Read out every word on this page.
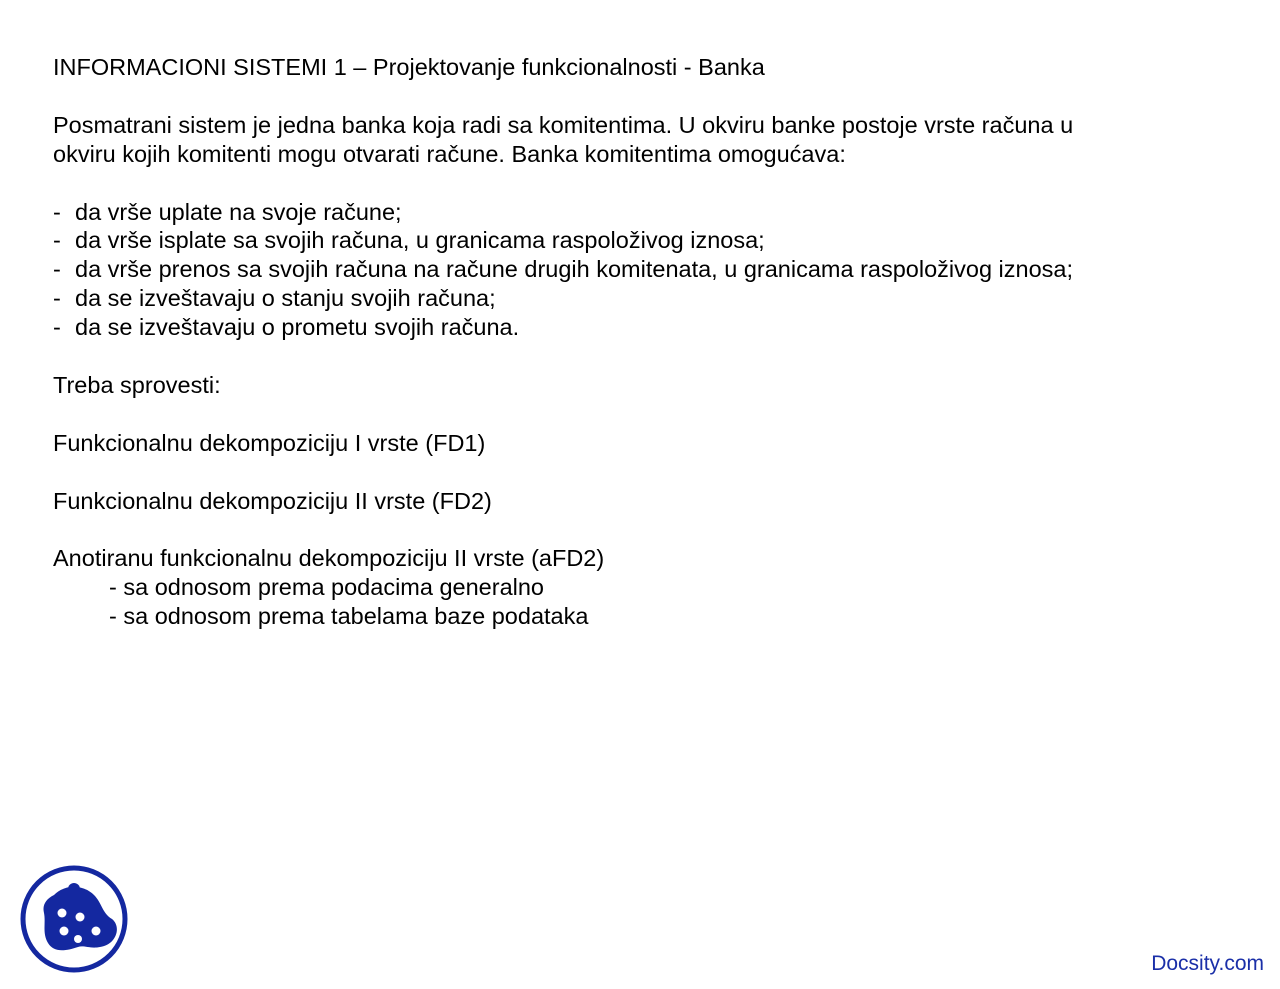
INFORMACIONI SISTEMI 1 – Projektovanje funkcionalnosti - Banka
Posmatrani sistem je jedna banka koja radi sa komitentima. U okviru banke postoje vrste računa u
okviru kojih komitenti mogu otvarati račune. Banka komitentima omogućava:
- da vrše uplate na svoje račune;
- da vrše isplate sa svojih računa, u granicama raspoloživog iznosa;
- da vrše prenos sa svojih računa na račune drugih komitenata, u granicama raspoloživog iznosa;
- da se izveštavaju o stanju svojih računa;
- da se izveštavaju o prometu svojih računa.
Treba sprovesti:
Funkcionalnu dekompoziciju I vrste (FD1)
Funkcionalnu dekompoziciju II vrste (FD2)
Anotiranu funkcionalnu dekompoziciju II vrste (aFD2)
- sa odnosom prema podacima generalno
- sa odnosom prema tabelama baze podataka
Docsity.com
